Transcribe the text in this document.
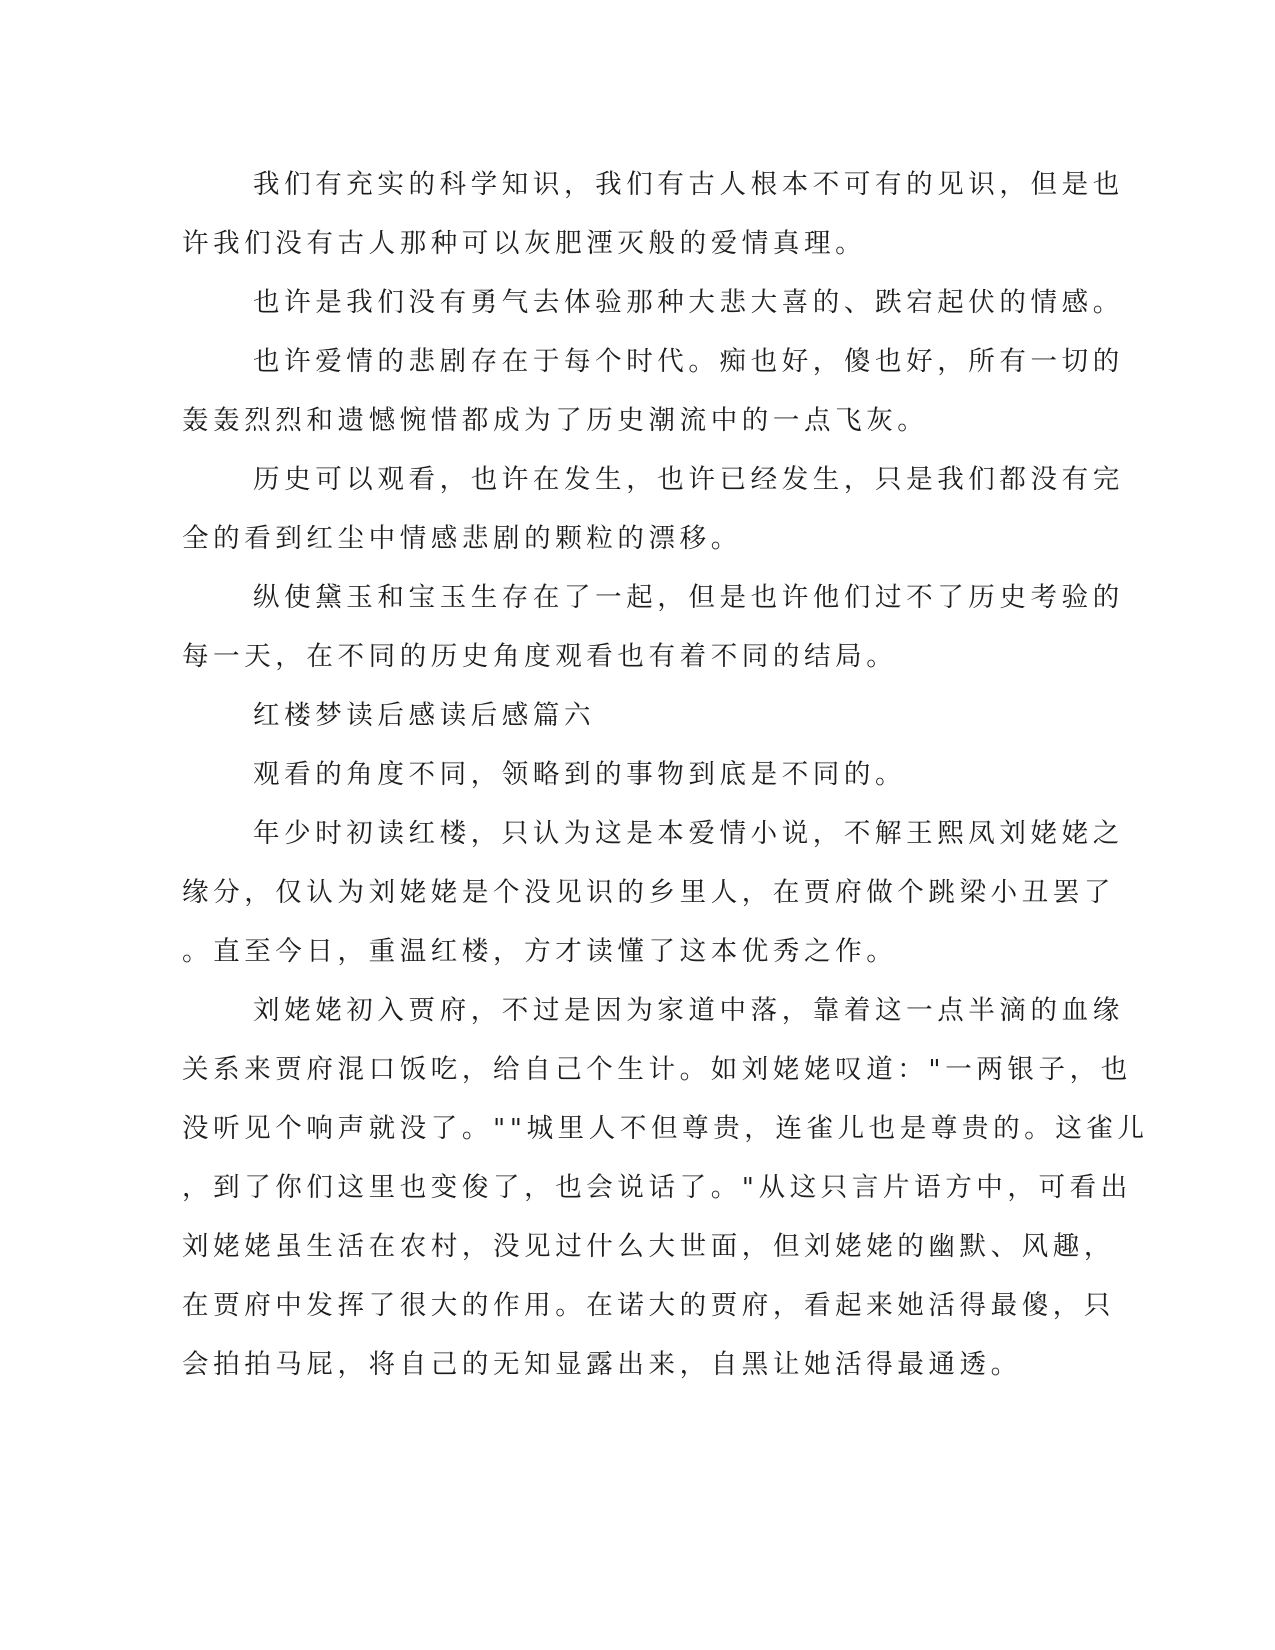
我们有充实的科学知识，我们有古人根本不可有的见识，但是也
许我们没有古人那种可以灰肥湮灭般的爱情真理。
也许是我们没有勇气去体验那种大悲大喜的、跌宕起伏的情感。
也许爱情的悲剧存在于每个时代。痴也好，傻也好，所有一切的
轰轰烈烈和遗憾惋惜都成为了历史潮流中的一点飞灰。
历史可以观看，也许在发生，也许已经发生，只是我们都没有完
全的看到红尘中情感悲剧的颗粒的漂移。
纵使黛玉和宝玉生存在了一起，但是也许他们过不了历史考验的
每一天，在不同的历史角度观看也有着不同的结局。
红楼梦读后感读后感篇六
观看的角度不同，领略到的事物到底是不同的。
年少时初读红楼，只认为这是本爱情小说，不解王熙凤刘姥姥之
缘分，仅认为刘姥姥是个没见识的乡里人，在贾府做个跳梁小丑罢了
。直至今日，重温红楼，方才读懂了这本优秀之作。
刘姥姥初入贾府，不过是因为家道中落，靠着这一点半滴的血缘
关系来贾府混口饭吃，给自己个生计。如刘姥姥叹道："一两银子，也
没听见个响声就没了。""城里人不但尊贵，连雀儿也是尊贵的。这雀儿
，到了你们这里也变俊了，也会说话了。"从这只言片语方中，可看出
刘姥姥虽生活在农村，没见过什么大世面，但刘姥姥的幽默、风趣，
在贾府中发挥了很大的作用。在诺大的贾府，看起来她活得最傻，只
会拍拍马屁，将自己的无知显露出来，自黑让她活得最通透。
